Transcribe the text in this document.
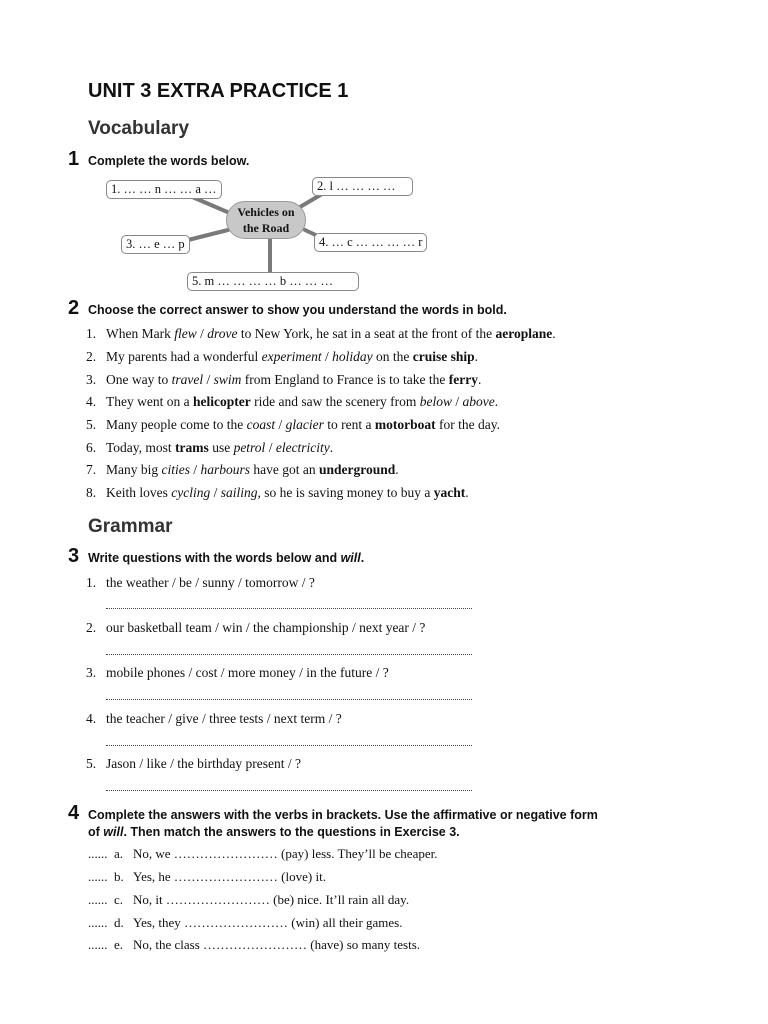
UNIT 3 EXTRA PRACTICE 1
Vocabulary
1 Complete the words below.
Vehicles on
the Road
1. … … n … … a …	2. l … … … …
3. … e … p	4. … c … … … … r
5. m … … … … b … … …
2 Choose the correct answer to show you understand the words in bold.
1. When Mark flew / drove to New York, he sat in a seat at the front of the aeroplane.
2. My parents had a wonderful experiment / holiday on the cruise ship.
3. One way to travel / swim from England to France is to take the ferry.
4. They went on a helicopter ride and saw the scenery from below / above.
5. Many people come to the coast / glacier to rent a motorboat for the day.
6. Today, most trams use petrol / electricity.
7. Many big cities / harbours have got an underground.
8. Keith loves cycling / sailing, so he is saving money to buy a yacht.
Grammar
3 Write questions with the words below and will.
1. the weather / be / sunny / tomorrow / ?
2. our basketball team / win / the championship / next year / ?
3. mobile phones / cost / more money / in the future / ?
4. the teacher / give / three tests / next term / ?
5. Jason / like / the birthday present / ?
4 Complete the answers with the verbs in brackets. Use the affirmative or negative form
of will. Then match the answers to the questions in Exercise 3.
...... a. No, we …………………… (pay) less. They’ll be cheaper.
...... b. Yes, he …………………… (love) it.
...... c. No, it …………………… (be) nice. It’ll rain all day.
...... d. Yes, they …………………… (win) all their games.
...... e. No, the class …………………… (have) so many tests.
